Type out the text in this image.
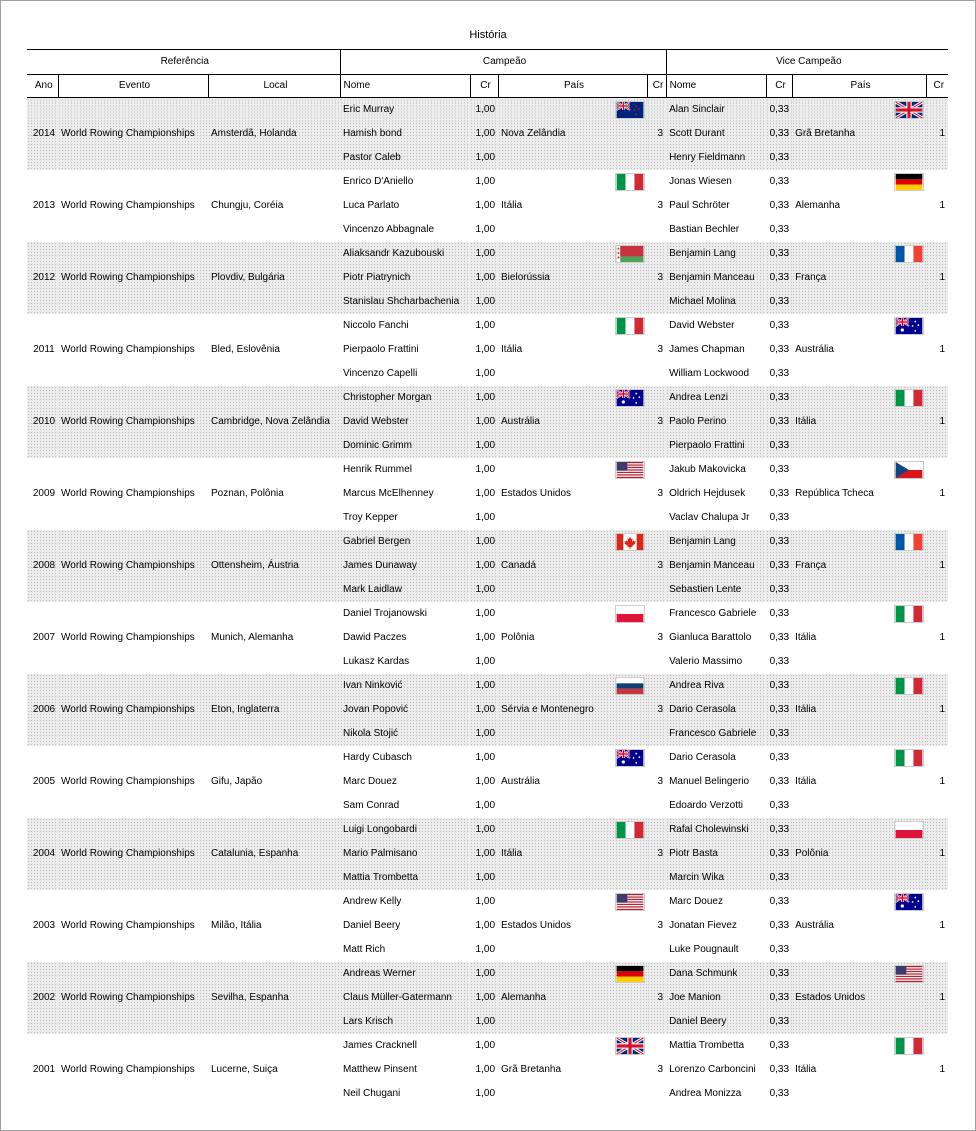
História
Referência			Campeão				Vice Campeão			
Ano	Evento	Local	Nome	Cr	País	Cr	Nome	Cr	País	Cr
			Eric Murray	1,00			Alan Sinclair	0,33	

2014	World Rowing Championships	Amsterdã, Holanda	Hamish bond	1,00	Nova Zelândia	3	Scott Durant	0,33	Grã Bretanha	1
			Pastor Caleb	1,00			Henry Fieldmann	0,33		
			Enrico D'Aniello	1,00			Jonas Wiesen	0,33	

2013	World Rowing Championships	Chungju, Coréia	Luca Parlato	1,00	Itália	3	Paul Schröter	0,33	Alemanha	1
			Vincenzo Abbagnale	1,00			Bastian Bechler	0,33		
			Aliaksandr Kazubouski	1,00			Benjamin Lang	0,33	

2012	World Rowing Championships	Plovdiv, Bulgária	Piotr Piatrynich	1,00	Bielorússia	3	Benjamin Manceau	0,33	França	1
			Stanislau Shcharbachenia	1,00			Michael Molina	0,33		
			Niccolo Fanchi	1,00			David Webster	0,33	

2011	World Rowing Championships	Bled, Eslovênia	Pierpaolo Frattini	1,00	Itália	3	James Chapman	0,33	Austrália	1
			Vincenzo Capelli	1,00			William Lockwood	0,33		
			Christopher Morgan	1,00			Andrea Lenzi	0,33	

2010	World Rowing Championships	Cambridge, Nova Zelândia	David Webster	1,00	Austrália	3	Paolo Perino	0,33	Itália	1
			Dominic Grimm	1,00			Pierpaolo Frattini	0,33		
			Henrik Rummel	1,00			Jakub Makovicka	0,33	

2009	World Rowing Championships	Poznan, Polônia	Marcus McElhenney	1,00	Estados Unidos	3	Oldrich Hejdusek	0,33	República Tcheca	1
			Troy Kepper	1,00			Vaclav Chalupa Jr	0,33		
			Gabriel Bergen	1,00			Benjamin Lang	0,33	

2008	World Rowing Championships	Ottensheim, Áustria	James Dunaway	1,00	Canadá	3	Benjamin Manceau	0,33	França	1
			Mark Laidlaw	1,00			Sebastien Lente	0,33		
			Daniel Trojanowski	1,00			Francesco Gabriele	0,33	

2007	World Rowing Championships	Munich, Alemanha	Dawid Paczes	1,00	Polônia	3	Gianluca Barattolo	0,33	Itália	1
			Lukasz Kardas	1,00			Valerio Massimo	0,33		
			Ivan Ninković	1,00			Andrea Riva	0,33	

2006	World Rowing Championships	Eton, Inglaterra	Jovan Popović	1,00	Sérvia e Montenegro	3	Dario Cerasola	0,33	Itália	1
			Nikola Stojić	1,00			Francesco Gabriele	0,33		
			Hardy Cubasch	1,00			Dario Cerasola	0,33	

2005	World Rowing Championships	Gifu, Japão	Marc Douez	1,00	Austrália	3	Manuel Belingerio	0,33	Itália	1
			Sam Conrad	1,00			Edoardo Verzotti	0,33		
			Luigi Longobardi	1,00			Rafal Cholewinski	0,33	

2004	World Rowing Championships	Catalunia, Espanha	Mario Palmisano	1,00	Itália	3	Piotr Basta	0,33	Polônia	1
			Mattia Trombetta	1,00			Marcin Wika	0,33		
			Andrew Kelly	1,00			Marc Douez	0,33	

2003	World Rowing Championships	Milão, Itália	Daniel Beery	1,00	Estados Unidos	3	Jonatan Fievez	0,33	Austrália	1
			Matt Rich	1,00			Luke Pougnault	0,33		
			Andreas Werner	1,00			Dana Schmunk	0,33	

2002	World Rowing Championships	Sevilha, Espanha	Claus Müller-Gatermann	1,00	Alemanha	3	Joe Manion	0,33	Estados Unidos	1
			Lars Krisch	1,00			Daniel Beery	0,33		
			James Cracknell	1,00			Mattia Trombetta	0,33	

2001	World Rowing Championships	Lucerne, Suiça	Matthew Pinsent	1,00	Grã Bretanha	3	Lorenzo Carboncini	0,33	Itália	1
			Neil Chugani	1,00			Andrea Monizza	0,33		
